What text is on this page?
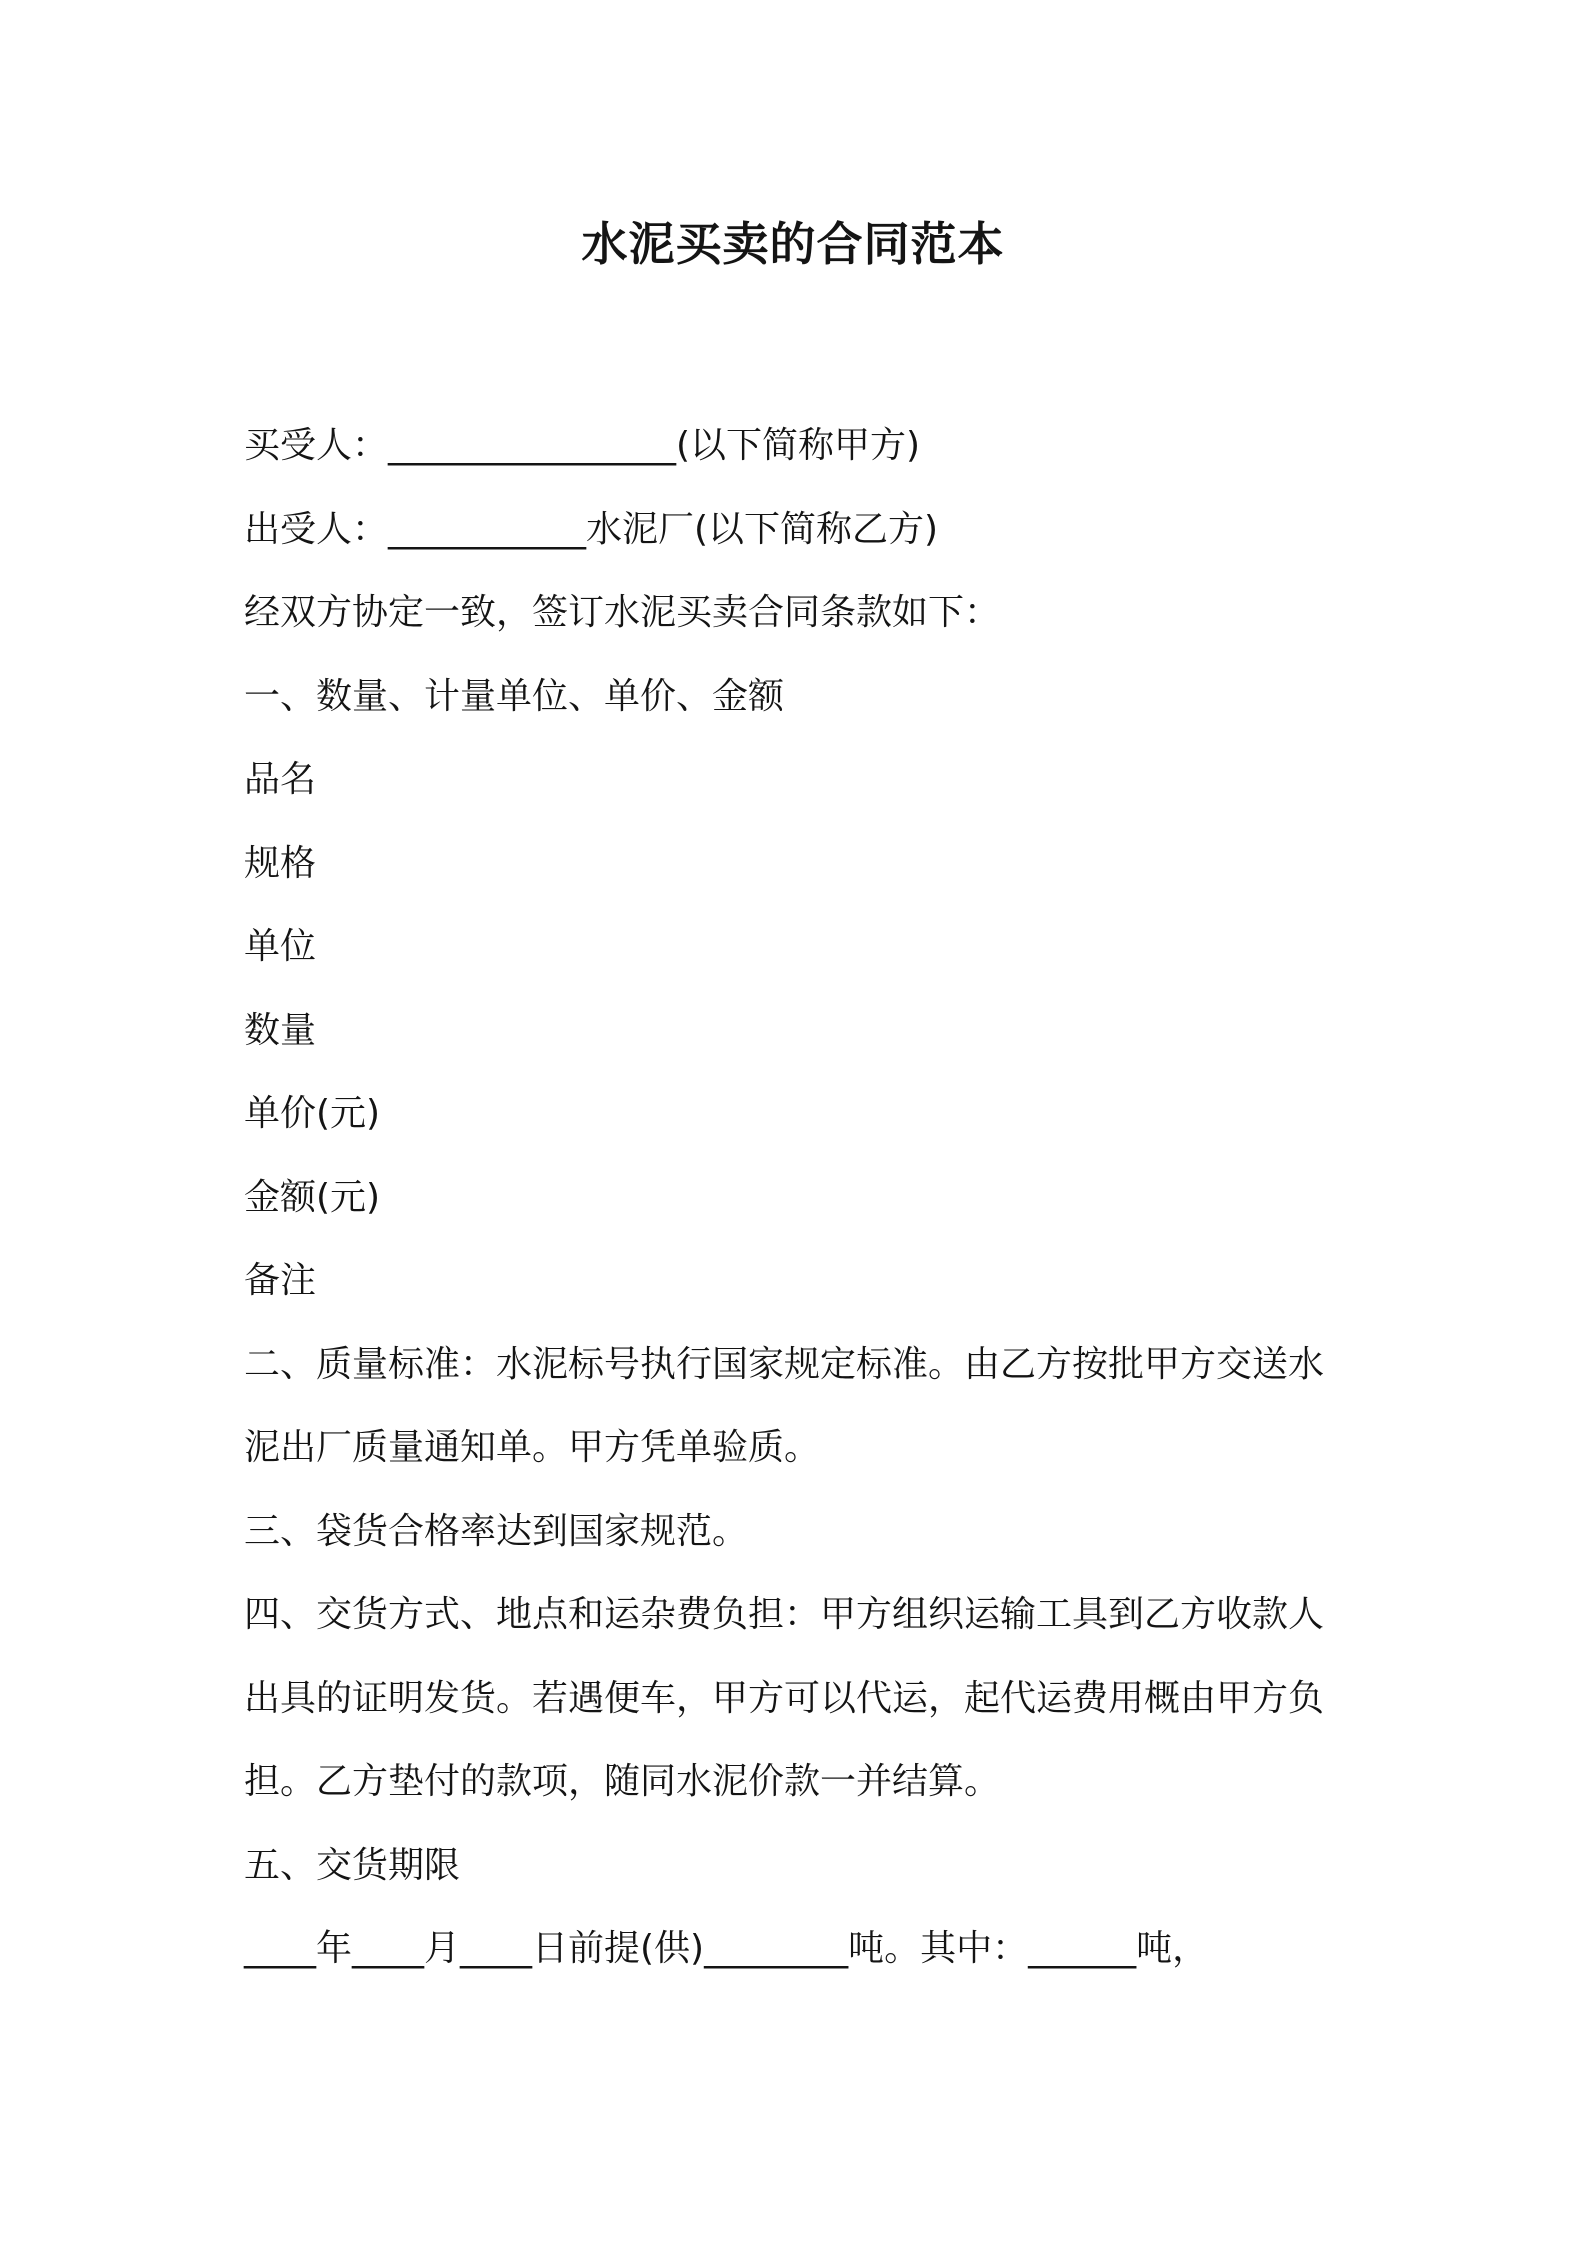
水泥买卖的合同范本

买受人：________________(以下简称甲方)

出受人：___________水泥厂(以下简称乙方)

经双方协定一致，签订水泥买卖合同条款如下：

一、数量、计量单位、单价、金额

品名

规格

单位

数量

单价(元)

金额(元)

备注

二、质量标准：水泥标号执行国家规定标准。由乙方按批甲方交送水

泥出厂质量通知单。甲方凭单验质。

三、袋货合格率达到国家规范。

四、交货方式、地点和运杂费负担：甲方组织运输工具到乙方收款人

出具的证明发货。若遇便车，甲方可以代运，起代运费用概由甲方负

担。乙方垫付的款项，随同水泥价款一并结算。

五、交货期限

____年____月____日前提(供)________吨。其中：______吨，
